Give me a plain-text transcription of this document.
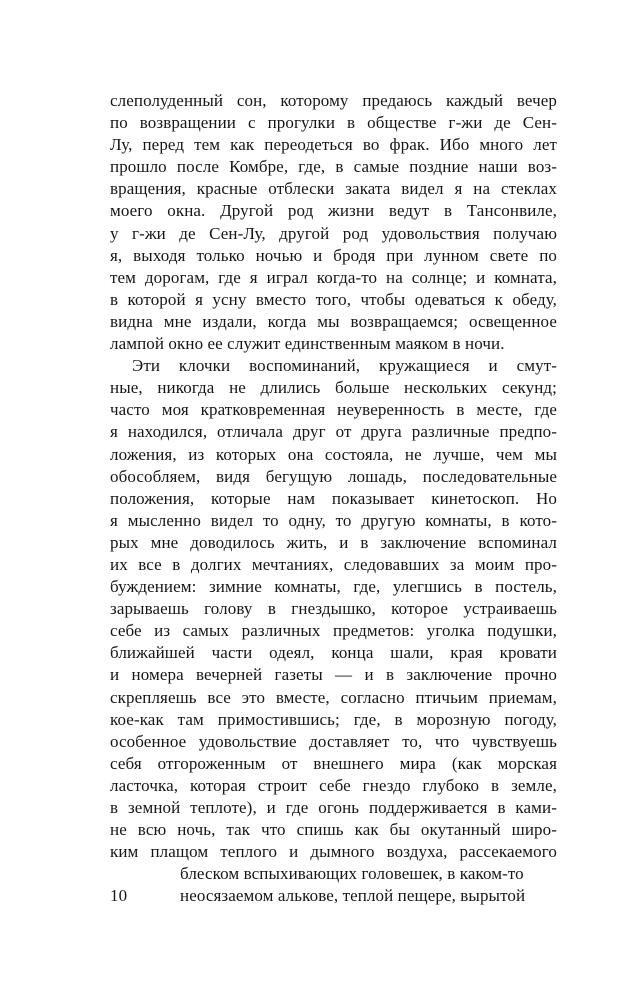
слеполуденный сон, которому предаюсь каждый вечер
по возвращении с прогулки в обществе г-жи де Сен-
Лу, перед тем как переодеться во фрак. Ибо много лет
прошло после Комбре, где, в самые поздние наши воз-
вращения, красные отблески заката видел я на стеклах
моего окна. Другой род жизни ведут в Тансонвиле,
у г-жи де Сен-Лу, другой род удовольствия получаю
я, выходя только ночью и бродя при лунном свете по
тем дорогам, где я играл когда-то на солнце; и комната,
в которой я усну вместо того, чтобы одеваться к обеду,
видна мне издали, когда мы возвращаемся; освещенное
лампой окно ее служит единственным маяком в ночи.
Эти клочки воспоминаний, кружащиеся и смут-
ные, никогда не длились больше нескольких секунд;
часто моя кратковременная неуверенность в месте, где
я находился, отличала друг от друга различные предпо-
ложения, из которых она состояла, не лучше, чем мы
обособляем, видя бегущую лошадь, последовательные
положения, которые нам показывает кинетоскоп. Но
я мысленно видел то одну, то другую комнаты, в кото-
рых мне доводилось жить, и в заключение вспоминал
их все в долгих мечтаниях, следовавших за моим про-
буждением: зимние комнаты, где, улегшись в постель,
зарываешь голову в гнездышко, которое устраиваешь
себе из самых различных предметов: уголка подушки,
ближайшей части одеял, конца шали, края кровати
и номера вечерней газеты — и в заключение прочно
скрепляешь все это вместе, согласно птичьим приемам,
кое-как там примостившись; где, в морозную погоду,
особенное удовольствие доставляет то, что чувствуешь
себя отгороженным от внешнего мира (как морская
ласточка, которая строит себе гнездо глубоко в земле,
в земной теплоте), и где огонь поддерживается в ками-
не всю ночь, так что спишь как бы окутанный широ-
ким плащом теплого и дымного воздуха, рассекаемого
блеском вспыхивающих головешек, в каком-то
10	неосязаемом алькове, теплой пещере, вырытой
